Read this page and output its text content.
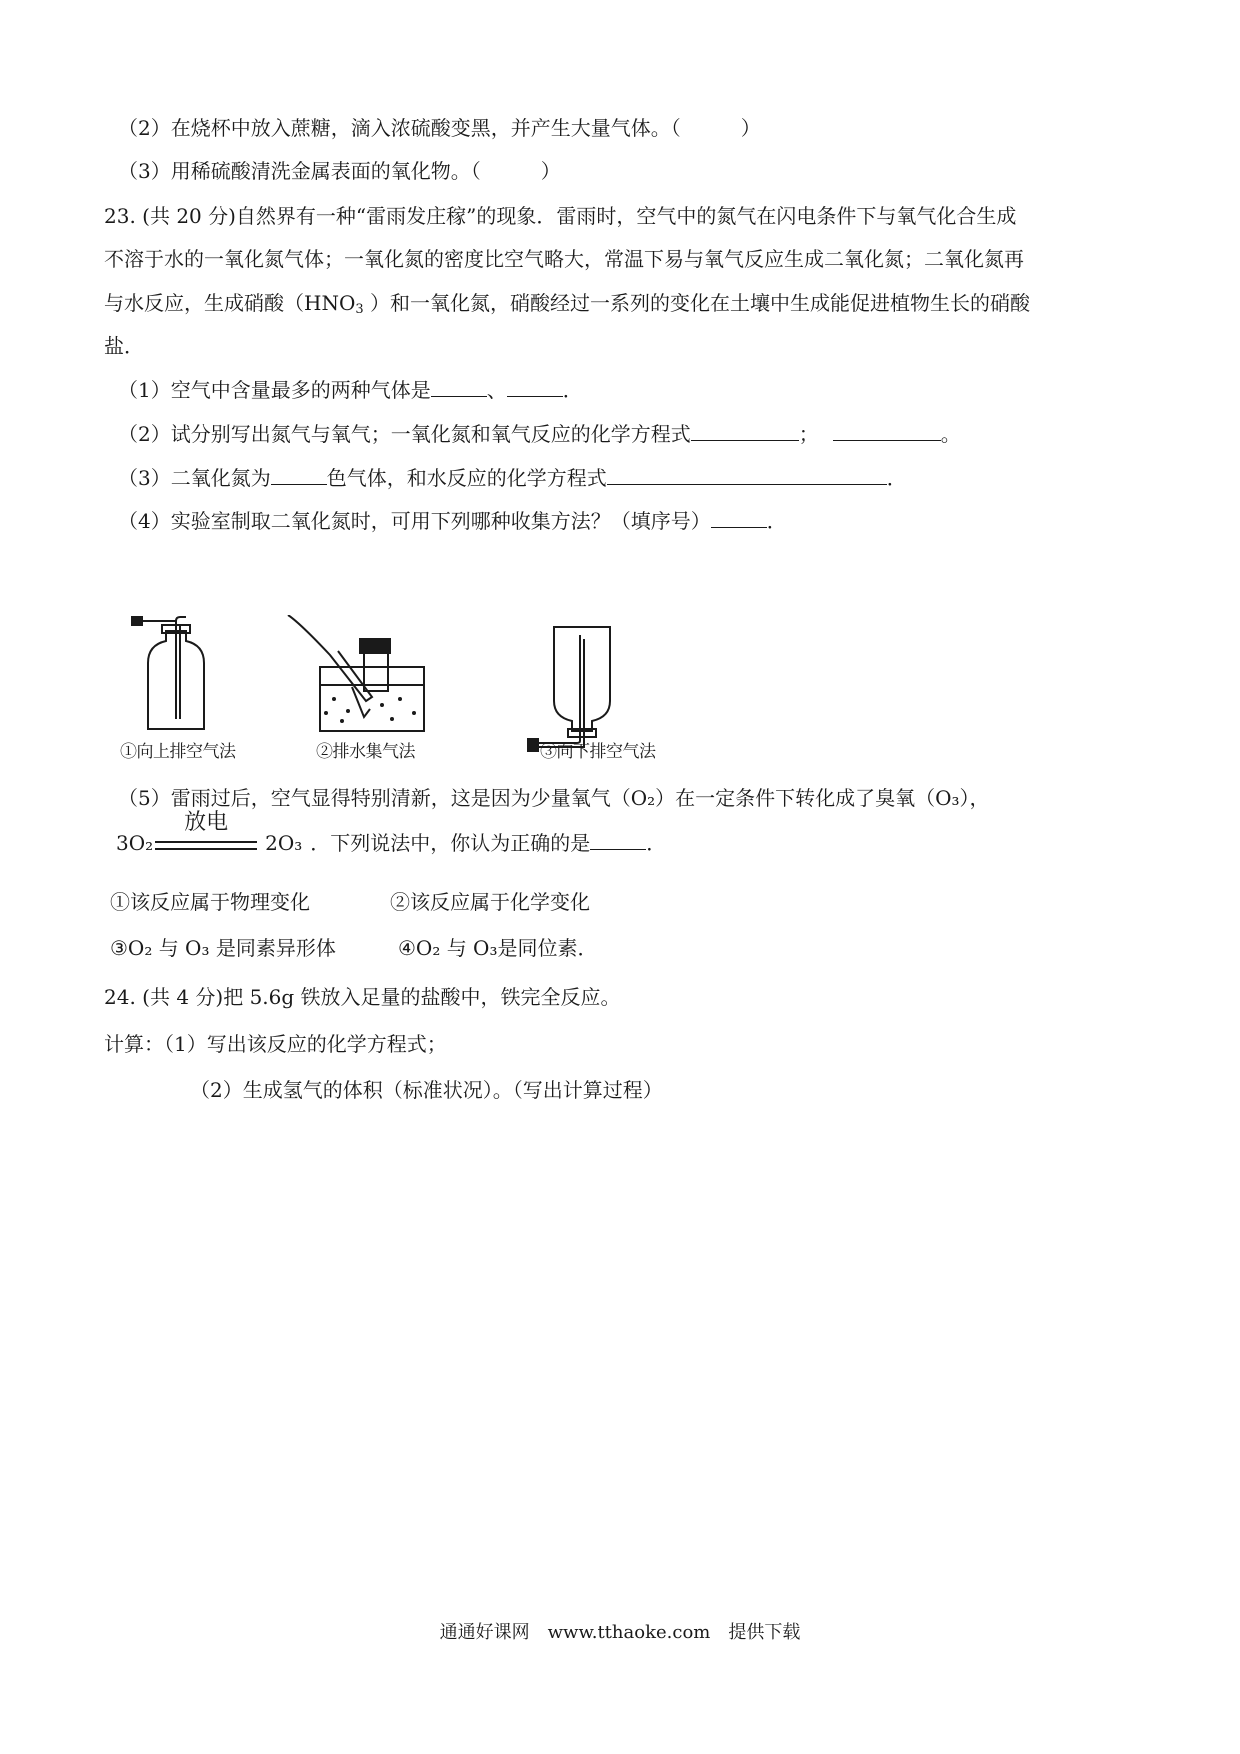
（2）在烧杯中放入蔗糖，滴入浓硫酸变黑，并产生大量气体。（　　　）
（3）用稀硫酸清洗金属表面的氧化物。（　　　）
23. (共 20 分)自然界有一种“雷雨发庄稼”的现象．雷雨时，空气中的氮气在闪电条件下与氧气化合生成
不溶于水的一氧化氮气体；一氧化氮的密度比空气略大，常温下易与氧气反应生成二氧化氮；二氧化氮再
与水反应，生成硝酸（$HNO_3$ ）和一氧化氮，硝酸经过一系列的变化在土壤中生成能促进植物生长的硝酸
盐．
（1）空气中含量最多的两种气体是	、	．
（2）试分别写出氮气与氧气；一氧化氮和氧气反应的化学方程式	；	。
（3）二氧化氮为	色气体，和水反应的化学方程式	．
（4）实验室制取二氧化氮时，可用下列哪种收集方法？（填序号）	．
①向上排空气法	②排水集气法	③向下排空气法
（5）雷雨过后，空气显得特别清新，这是因为少量氧气（O₂）在一定条件下转化成了臭氧（O₃），
3O₂
放电
2O₃ ．下列说法中，你认为正确的是	．
①该反应属于物理变化	②该反应属于化学变化
③O₂ 与 O₃ 是同素异形体	④O₂ 与 O₃是同位素．
24. (共 4 分)把 5.6g 铁放入足量的盐酸中，铁完全反应。
计算：（1）写出该反应的化学方程式；
（2）生成氢气的体积（标准状况）。（写出计算过程）
通通好课网　www.tthaoke.com　提供下载
